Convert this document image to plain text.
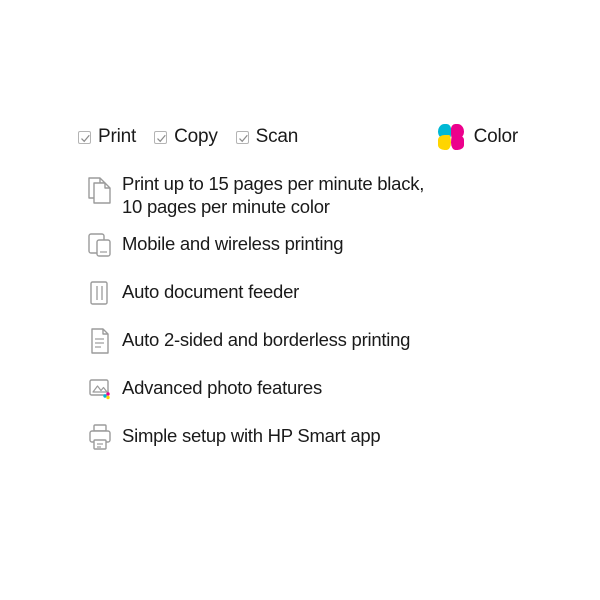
Print Copy Scan	Color
Print up to 15 pages per minute black,
10 pages per minute color
Mobile and wireless printing
Auto document feeder
Auto 2-sided and borderless printing
Advanced photo features
Simple setup with HP Smart app
